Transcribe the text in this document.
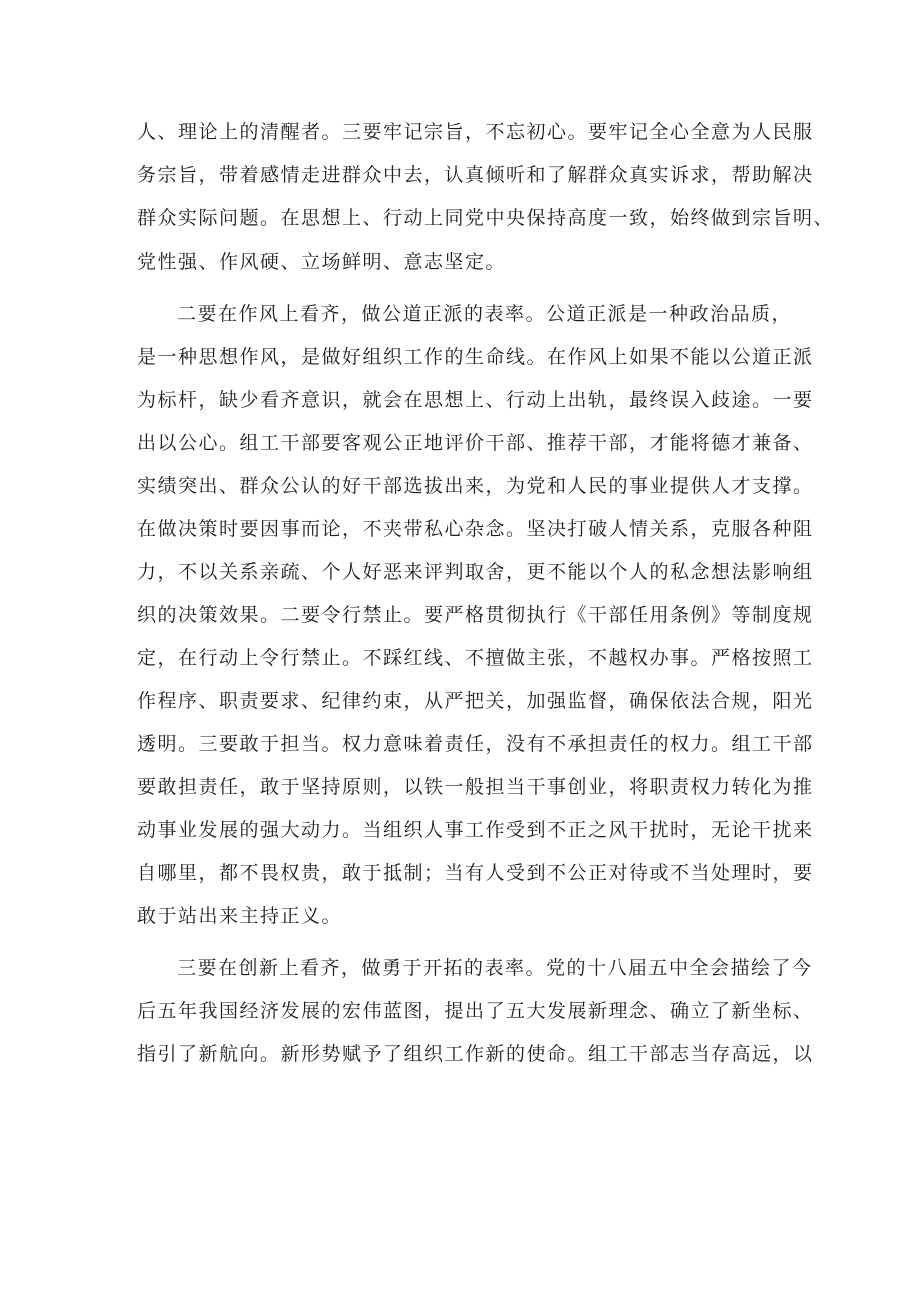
人、理论上的清醒者。三要牢记宗旨，不忘初心。要牢记全心全意为人民服
务宗旨，带着感情走进群众中去，认真倾听和了解群众真实诉求，帮助解决
群众实际问题。在思想上、行动上同党中央保持高度一致，始终做到宗旨明、
党性强、作风硬、立场鲜明、意志坚定。
二要在作风上看齐，做公道正派的表率。公道正派是一种政治品质，
是一种思想作风，是做好组织工作的生命线。在作风上如果不能以公道正派
为标杆，缺少看齐意识，就会在思想上、行动上出轨，最终误入歧途。一要
出以公心。组工干部要客观公正地评价干部、推荐干部，才能将德才兼备、
实绩突出、群众公认的好干部选拔出来，为党和人民的事业提供人才支撑。
在做决策时要因事而论，不夹带私心杂念。坚决打破人情关系，克服各种阻
力，不以关系亲疏、个人好恶来评判取舍，更不能以个人的私念想法影响组
织的决策效果。二要令行禁止。要严格贯彻执行《干部任用条例》等制度规
定，在行动上令行禁止。不踩红线、不擅做主张，不越权办事。严格按照工
作程序、职责要求、纪律约束，从严把关，加强监督，确保依法合规，阳光
透明。三要敢于担当。权力意味着责任，没有不承担责任的权力。组工干部
要敢担责任，敢于坚持原则，以铁一般担当干事创业，将职责权力转化为推
动事业发展的强大动力。当组织人事工作受到不正之风干扰时，无论干扰来
自哪里，都不畏权贵，敢于抵制；当有人受到不公正对待或不当处理时，要
敢于站出来主持正义。
三要在创新上看齐，做勇于开拓的表率。党的十八届五中全会描绘了今
后五年我国经济发展的宏伟蓝图，提出了五大发展新理念、确立了新坐标、
指引了新航向。新形势赋予了组织工作新的使命。组工干部志当存高远，以
